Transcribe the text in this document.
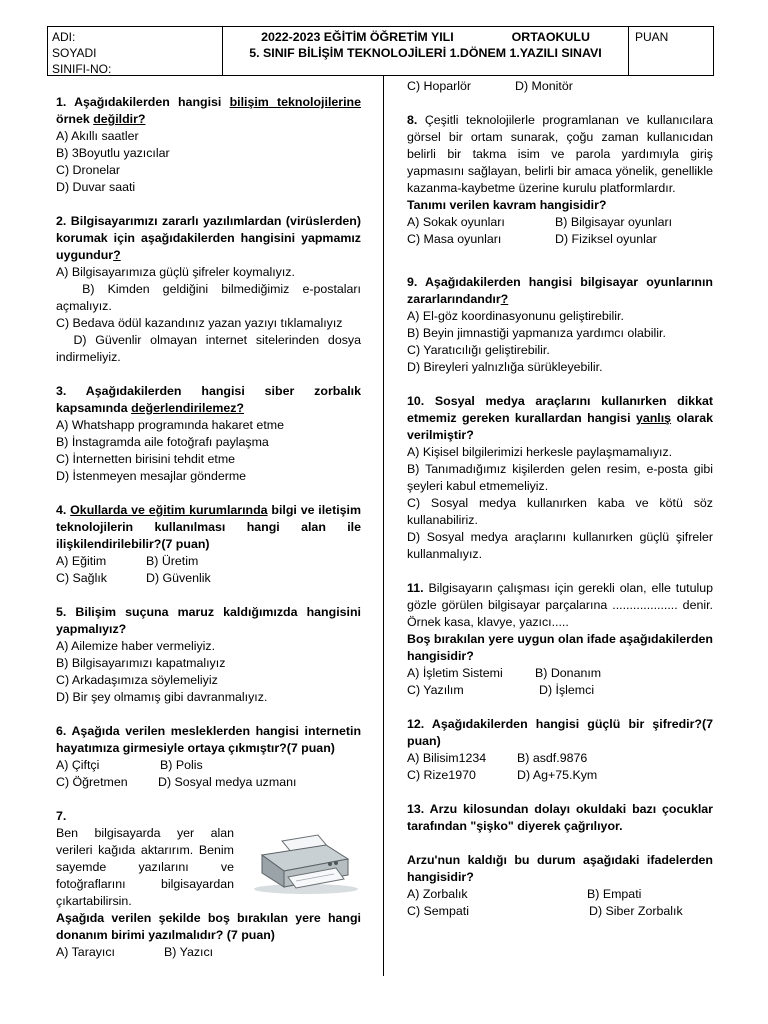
ADI:
SOYADI
SINIFI-NO:
2022-2023 EĞİTİM ÖĞRETİM YILI	ORTAOKULU
5. SINIF BİLİŞİM TEKNOLOJİLERİ 1.DÖNEM 1.YAZILI SINAVI
PUAN
1. Aşağıdakilerden hangisi bilişim teknolojilerine örnek değildir?
A) Akıllı saatler
B) 3Boyutlu yazıcılar
C) Dronelar
D) Duvar saati
2. Bilgisayarımızı zararlı yazılımlardan (virüslerden) korumak için aşağıdakilerden hangisini yapmamız uygundur?
A) Bilgisayarımıza güçlü şifreler koymalıyız.
B) Kimden geldiğini bilmediğimiz e-postaları açmalıyız.
C) Bedava ödül kazandınız yazan yazıyı tıklamalıyız
D) Güvenlir olmayan internet sitelerinden dosya indirmeliyiz.
3. Aşağıdakilerden hangisi siber zorbalık kapsamında değerlendirilemez?
A) Whatshapp programında hakaret etme
B) İnstagramda aile fotoğrafı paylaşma
C) İnternetten birisini tehdit etme
D) İstenmeyen mesajlar gönderme
4. Okullarda ve eğitim kurumlarında bilgi ve iletişim teknolojilerin kullanılması hangi alan ile ilişkilendirilebilir?(7 puan)
A) Eğitim	B) Üretim
C) Sağlık	D) Güvenlik
5. Bilişim suçuna maruz kaldığımızda hangisini yapmalıyız?
A) Ailemize haber vermeliyiz.
B) Bilgisayarımızı kapatmalıyız
C) Arkadaşımıza söylemeliyiz
D) Bir şey olmamış gibi davranmalıyız.
6. Aşağıda verilen mesleklerden hangisi internetin hayatımıza girmesiyle ortaya çıkmıştır?(7 puan)
A) Çiftçi	B) Polis
C) Öğretmen	D) Sosyal medya uzmanı
7.
Ben bilgisayarda yer alan verileri kağıda aktarırım. Benim sayemde yazılarını ve fotoğraflarını bilgisayardan çıkartabilirsin.
Aşağıda verilen şekilde boş bırakılan yere hangi donanım birimi yazılmalıdır? (7 puan)
A) Tarayıcı	B) Yazıcı
C) Hoparlör	D) Monitör
8. Çeşitli teknolojilerle programlanan ve kullanıcılara görsel bir ortam sunarak, çoğu zaman kullanıcıdan belirli bir takma isim ve parola yardımıyla giriş yapmasını sağlayan, belirli bir amaca yönelik, genellikle kazanma-kaybetme üzerine kurulu platformlardır.
Tanımı verilen kavram hangisidir?
A) Sokak oyunları	B) Bilgisayar oyunları
C) Masa oyunları	D) Fiziksel oyunlar
9. Aşağıdakilerden hangisi bilgisayar oyunlarının zararlarındandır?
A) El-göz koordinasyonunu geliştirebilir.
B) Beyin jimnastiği yapmanıza yardımcı olabilir.
C) Yaratıcılığı geliştirebilir.
D) Bireyleri yalnızlığa sürükleyebilir.
10. Sosyal medya araçlarını kullanırken dikkat etmemiz gereken kurallardan hangisi yanlış olarak verilmiştir?
A) Kişisel bilgilerimizi herkesle paylaşmamalıyız.
B) Tanımadığımız kişilerden gelen resim, e-posta gibi şeyleri kabul etmemeliyiz.
C) Sosyal medya kullanırken kaba ve kötü söz kullanabiliriz.
D) Sosyal medya araçlarını kullanırken güçlü şifreler kullanmalıyız.
11. Bilgisayarın çalışması için gerekli olan, elle tutulup gözle görülen bilgisayar parçalarına ................... denir. Örnek kasa, klavye, yazıcı.....
Boş bırakılan yere uygun olan ifade aşağıdakilerden hangisidir?
A) İşletim Sistemi	B) Donanım
C) Yazılım	D) İşlemci
12. Aşağıdakilerden hangisi güçlü bir şifredir?(7 puan)
A) Bilisim1234	B) asdf.9876
C) Rize1970	D) Ag+75.Kym
13. Arzu kilosundan dolayı okuldaki bazı çocuklar tarafından "şişko" diyerek çağrılıyor.
Arzu'nun kaldığı bu durum aşağıdaki ifadelerden hangisidir?
A) Zorbalık	B) Empati
C) Sempati	D) Siber Zorbalık
